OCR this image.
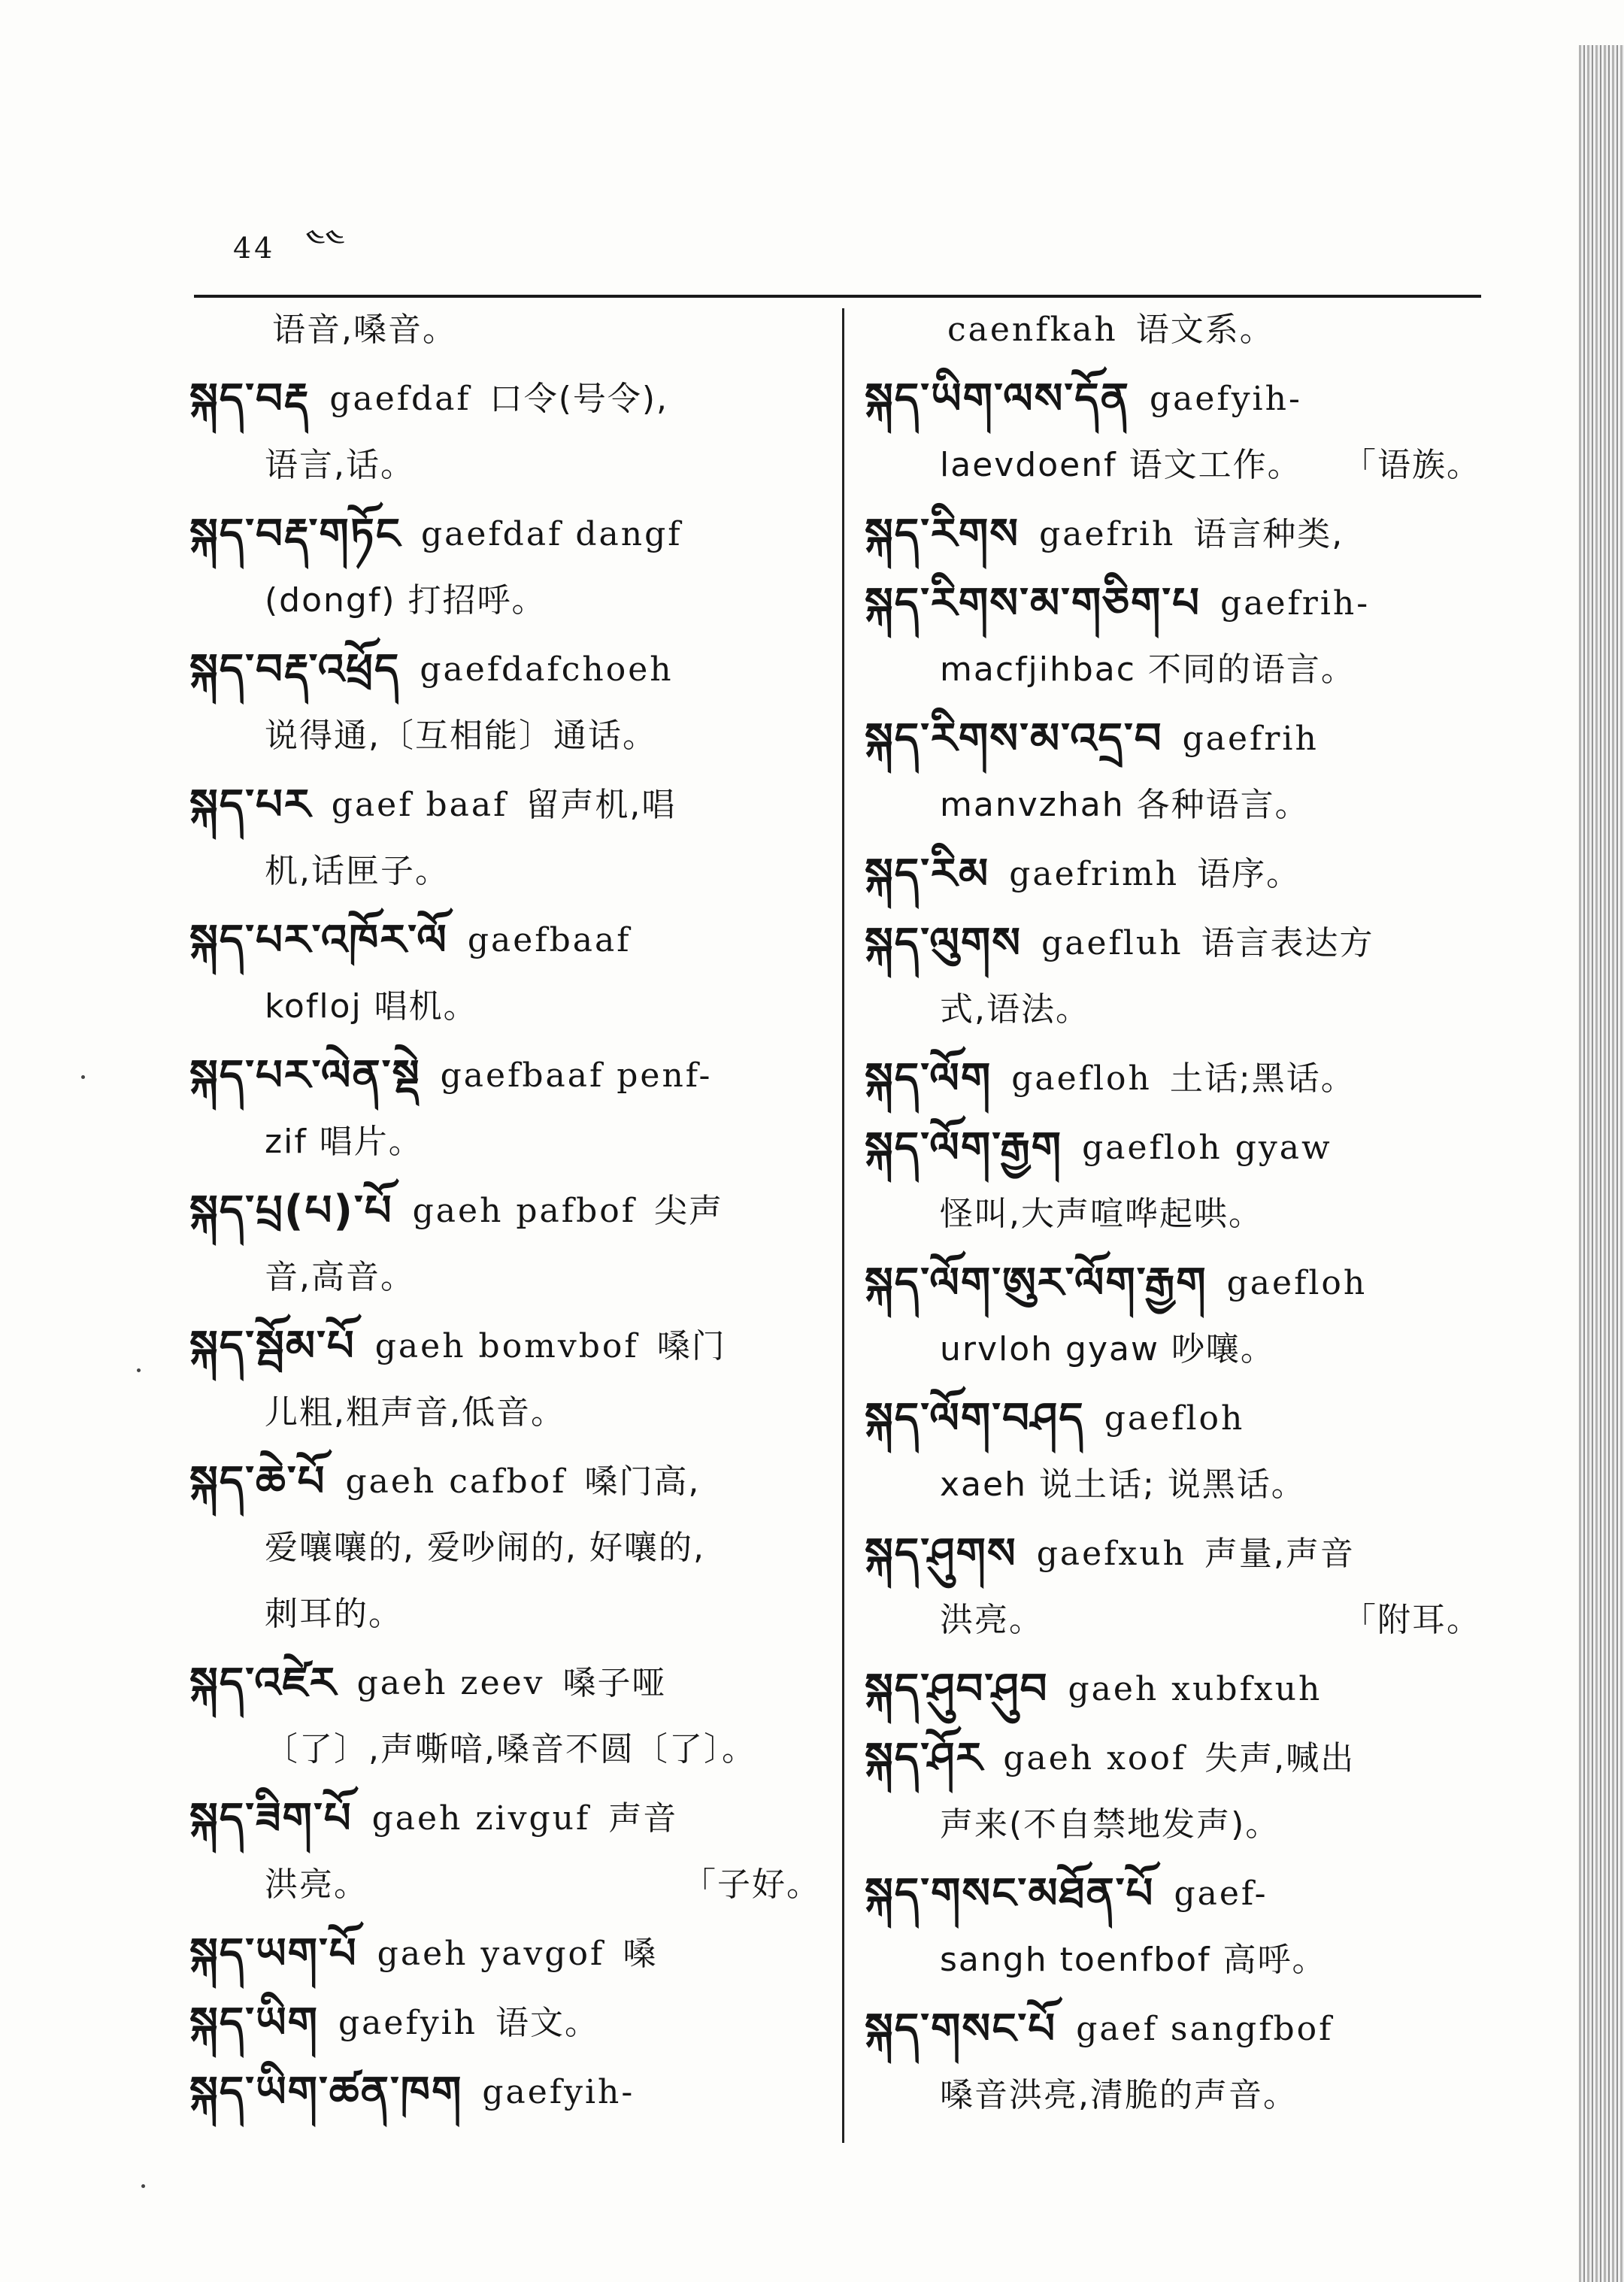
44 ༤༤
语音,嗓音。
སྐད་བརྡ gaefdaf 口令(号令),
语言,话。
སྐད་བརྡ་གཏོང gaefdaf dangf
(dongf) 打招呼。
སྐད་བརྡ་འཕྲོད gaefdafchoeh
说得通,〔互相能〕通话。
སྐད་པར gaef baaf 留声机,唱
机,话匣子。
སྐད་པར་འཁོར་ལོ gaefbaaf
kofloj 唱机。
སྐད་པར་ལེན་སྡེ gaefbaaf penf-
zif 唱片。
སྐད་པྲ(པ)་པོ gaeh pafbof 尖声
音,高音。
སྐད་སྦོམ་པོ gaeh bomvbof 嗓门
儿粗,粗声音,低音。
སྐད་ཆེ་པོ gaeh cafbof 嗓门高,
爱嚷嚷的, 爱吵闹的, 好嚷的,
刺耳的。
སྐད་འཛེར gaeh zeev 嗓子哑
〔了〕,声嘶喑,嗓音不圆〔了〕。
སྐད་ཟིག་པོ gaeh zivguf 声音
洪亮。	「子好。
སྐད་ཡག་པོ gaeh yavgof 嗓
སྐད་ཡིག gaefyih 语文。
སྐད་ཡིག་ཚན་ཁག gaefyih-
caenfkah 语文系。
སྐད་ཡིག་ལས་དོན gaefyih-
laevdoenf 语文工作。 「语族。
སྐད་རིགས gaefrih 语言种类,
སྐད་རིགས་མ་གཅིག་པ gaefrih-
macfjihbac 不同的语言。
སྐད་རིགས་མ་འདྲ་བ gaefrih
manvzhah 各种语言。
སྐད་རིམ gaefrimh 语序。
སྐད་ལུགས gaefluh 语言表达方
式,语法。
སྐད་ལོག gaefloh 土话;黑话。
སྐད་ལོག་རྒྱག gaefloh gyaw
怪叫,大声喧哗起哄。
སྐད་ལོག་ཨུར་ལོག་རྒྱག gaefloh
urvloh gyaw 吵嚷。
སྐད་ལོག་བཤད gaefloh
xaeh 说土话; 说黑话。
སྐད་ཤུགས gaefxuh 声量,声音
洪亮。	「附耳。
སྐད་ཤུབ་ཤུབ gaeh xubfxuh
སྐད་ཤོར gaeh xoof 失声,喊出
声来(不自禁地发声)。
སྐད་གསང་མཐོན་པོ gaef-
sangh toenfbof 高呼。
སྐད་གསང་པོ gaef sangfbof
嗓音洪亮,清脆的声音。
